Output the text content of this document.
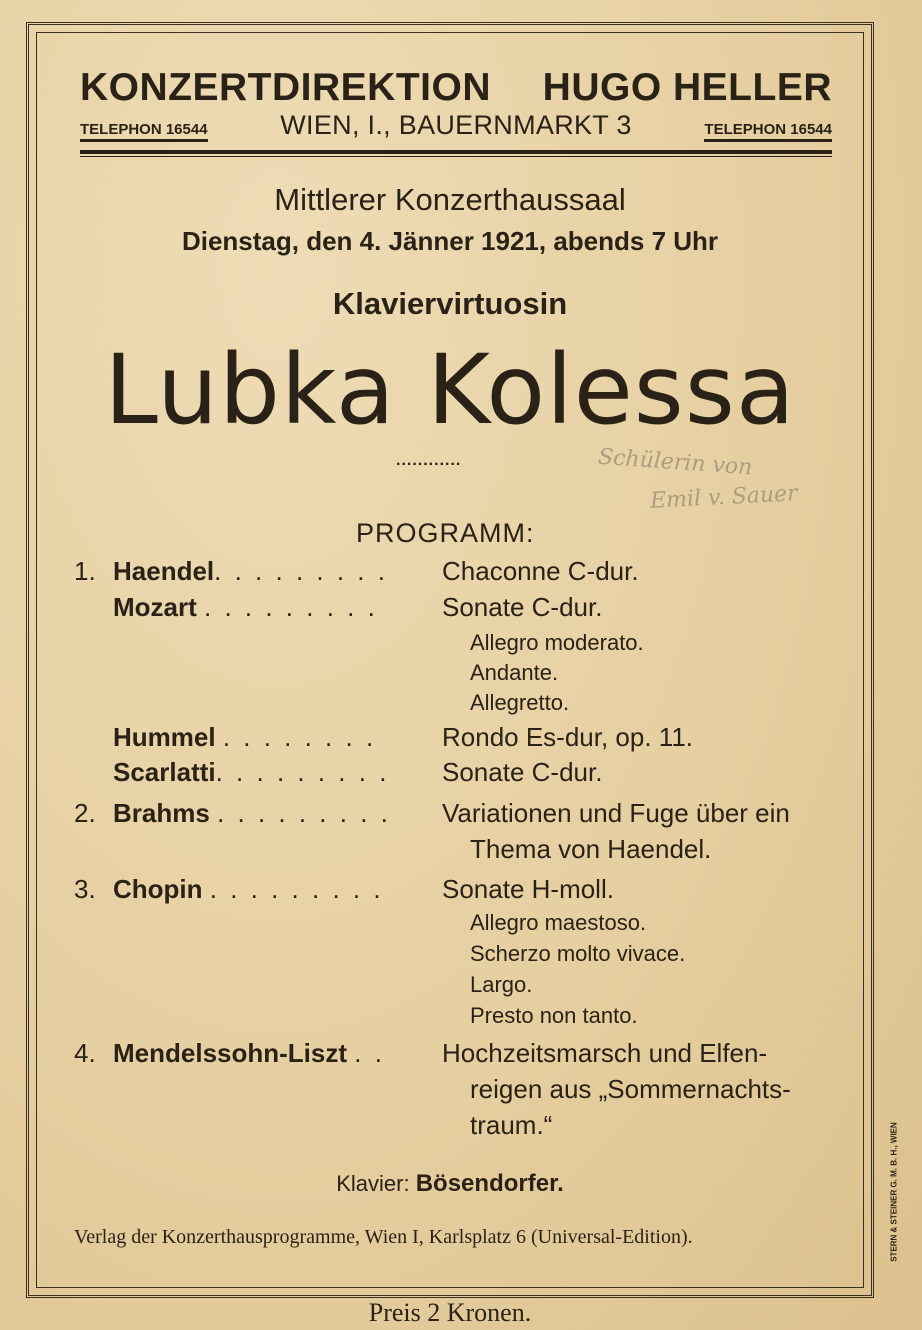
KONZERTDIREKTION HUGO HELLER
TELEPHON 16544	WIEN, I., BAUERNMARKT 3	TELEPHON 16544
Mittlerer Konzerthaussaal
Dienstag, den 4. Jänner 1921, abends 7 Uhr
Klaviervirtuosin
Lubka Kolessa
............	Schülerin von
Emil v. Sauer
PROGRAMM:
1. Haendel. . . . . . . . . Chaconne C-dur.
Mozart . . . . . . . . . Sonate C-dur.
Allegro moderato.
Andante.
Allegretto.
Hummel . . . . . . . .	Rondo Es-dur, op. 11.
Scarlatti. . . . . . . . . Sonate C-dur.
2. Brahms . . . . . . . . . Variationen und Fuge über ein
Thema von Haendel.
3. Chopin . . . . . . . . . Sonate H-moll.
Allegro maestoso.
Scherzo molto vivace.
Largo.
Presto non tanto.
4. Mendelssohn-Liszt . . Hochzeitsmarsch und Elfen-
reigen aus „Sommernachts-
traum.“
Klavier: Bösendorfer.
Verlag der Konzerthausprogramme, Wien I, Karlsplatz 6 (Universal-Edition).	STERN & STEINER G. M. B. H., WIEN
Preis 2 Kronen.
